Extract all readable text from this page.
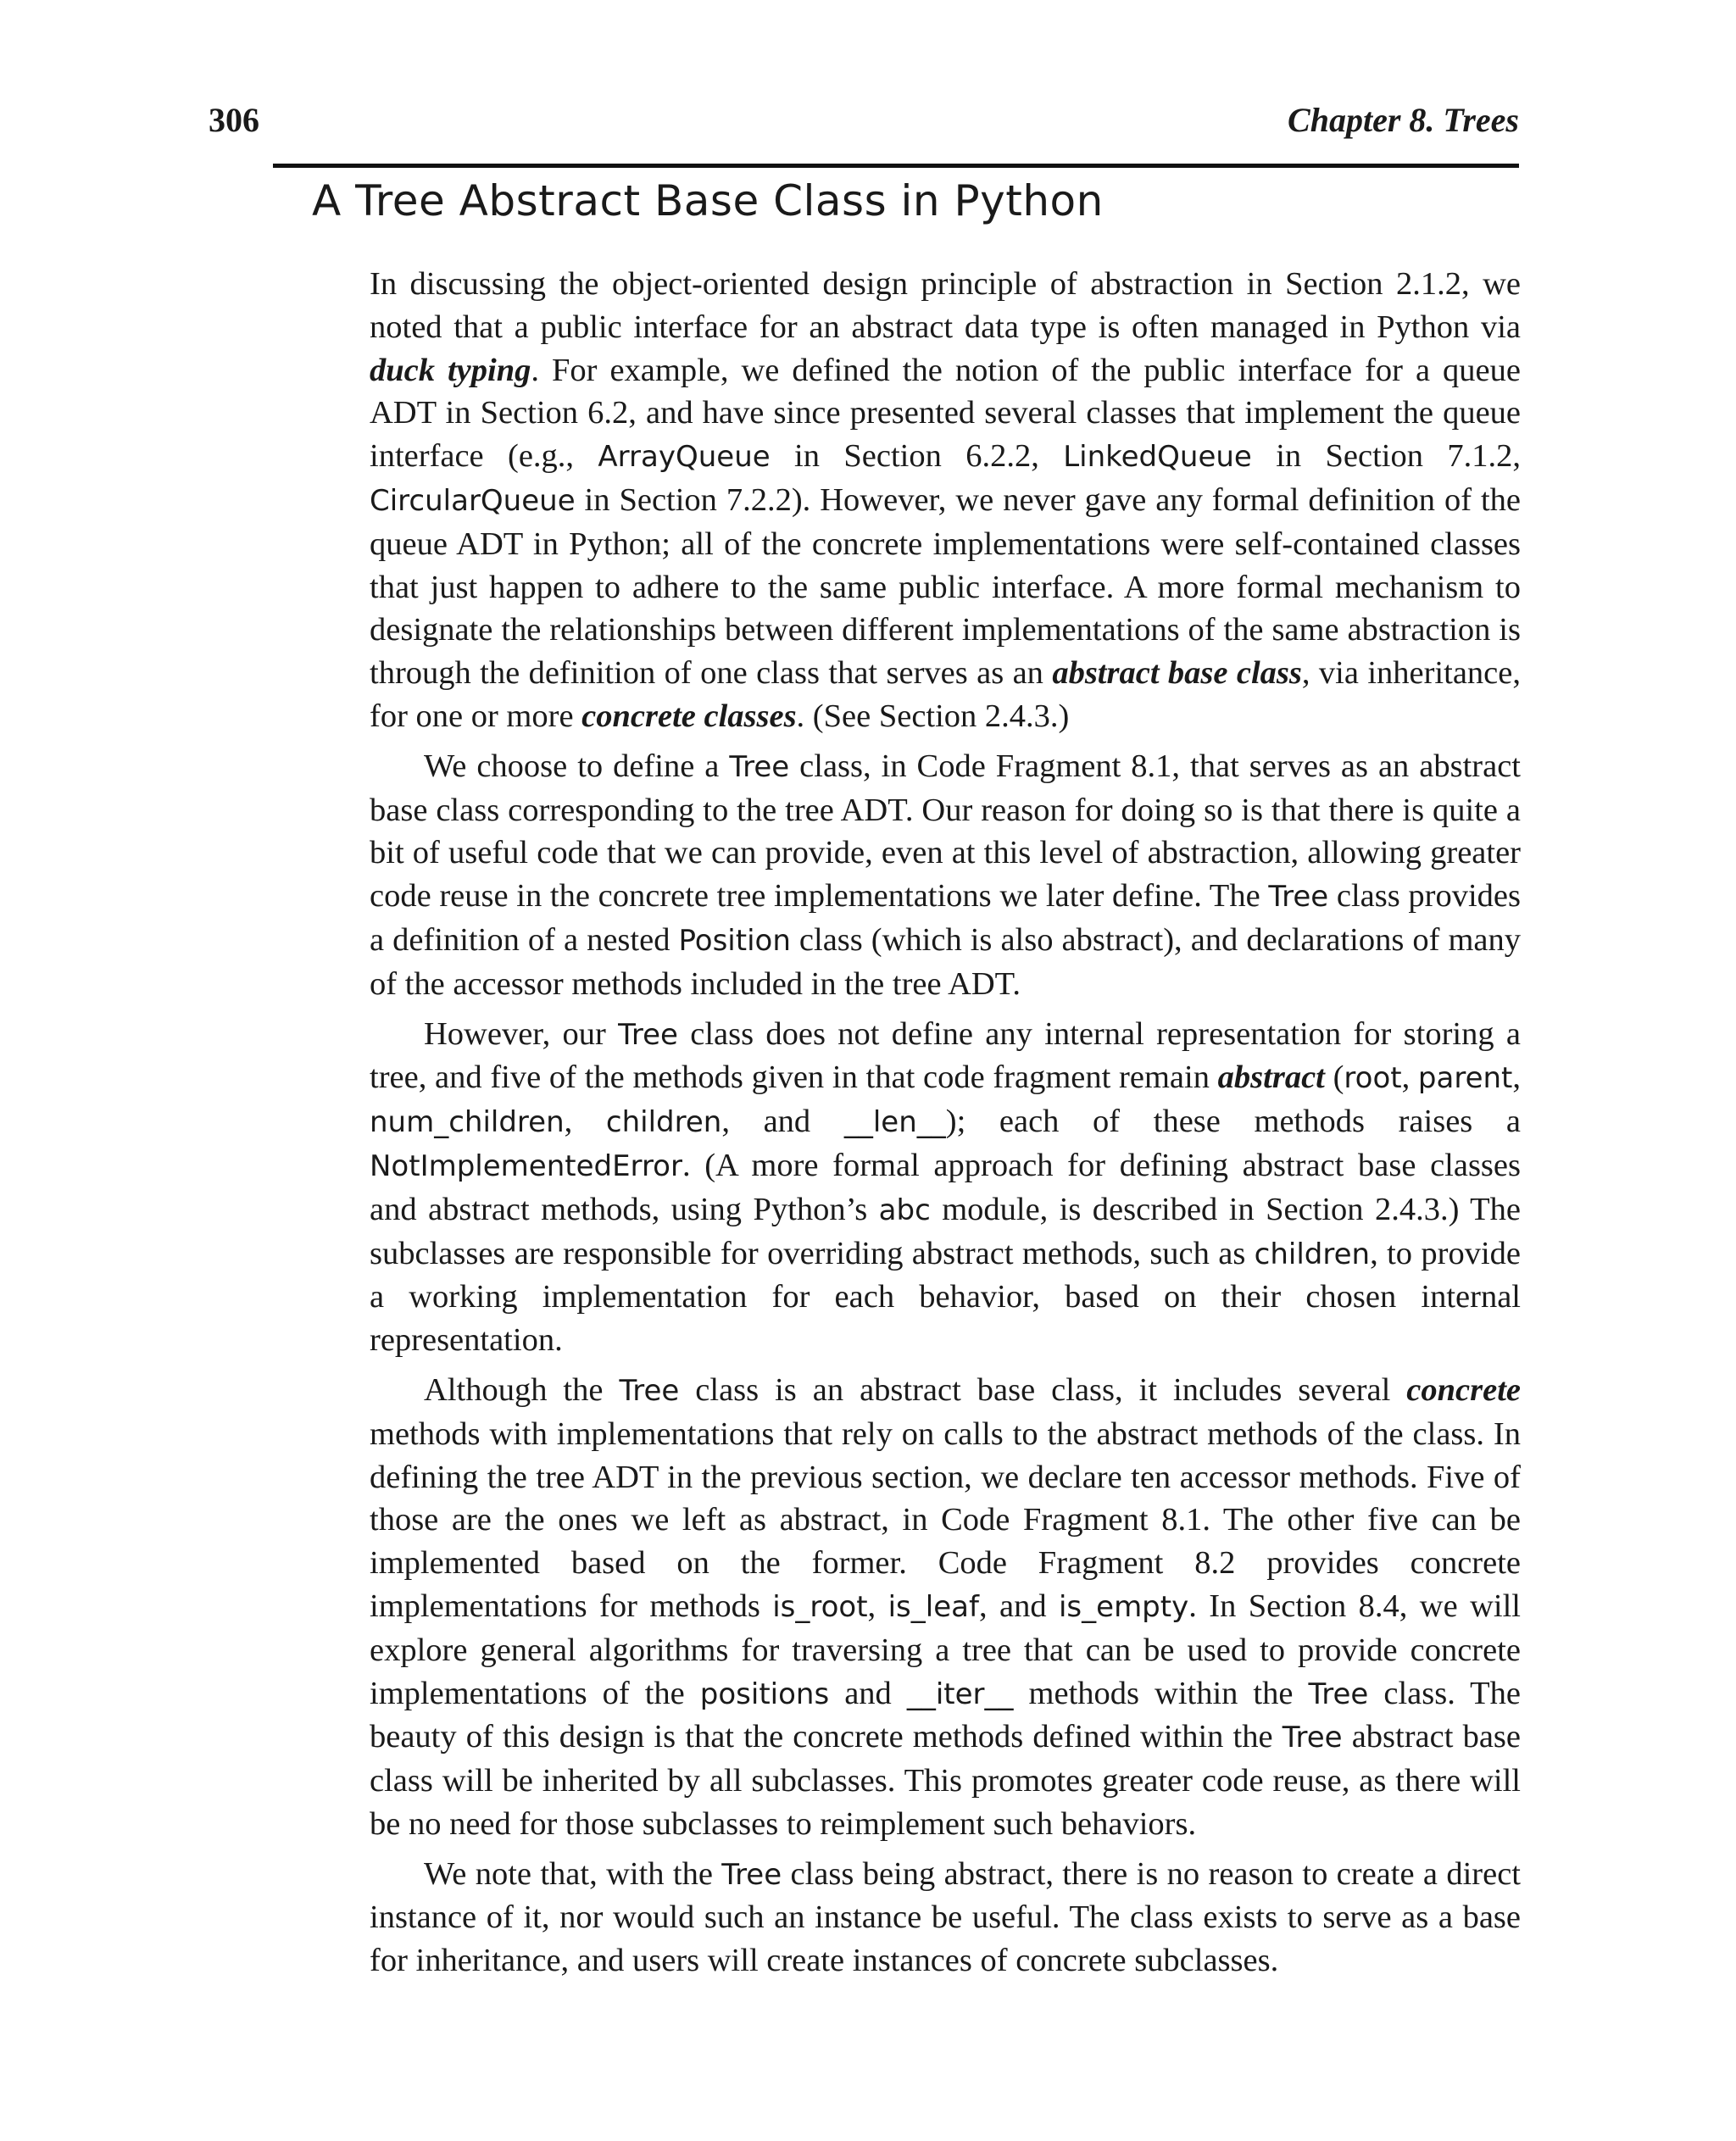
306	Chapter 8. Trees
A Tree Abstract Base Class in Python

In discussing the object-oriented design principle of abstraction in Section 2.1.2, we noted that a public interface for an abstract data type is often managed in Python via duck typing. For example, we defined the notion of the public interface for a queue ADT in Section 6.2, and have since presented several classes that implement the queue interface (e.g., ArrayQueue in Section 6.2.2, LinkedQueue in Section 7.1.2, CircularQueue in Section 7.2.2). However, we never gave any formal definition of the queue ADT in Python; all of the concrete implementations were self-contained classes that just happen to adhere to the same public interface. A more formal mechanism to designate the relationships between different implementations of the same abstraction is through the definition of one class that serves as an abstract base class, via inheritance, for one or more concrete classes. (See Section 2.4.3.)

We choose to define a Tree class, in Code Fragment 8.1, that serves as an abstract base class corresponding to the tree ADT. Our reason for doing so is that there is quite a bit of useful code that we can provide, even at this level of abstraction, allowing greater code reuse in the concrete tree implementations we later define. The Tree class provides a definition of a nested Position class (which is also abstract), and declarations of many of the accessor methods included in the tree ADT.

However, our Tree class does not define any internal representation for storing a tree, and five of the methods given in that code fragment remain abstract (root, parent, num_children, children, and __len__); each of these methods raises a NotImplementedError. (A more formal approach for defining abstract base classes and abstract methods, using Python’s abc module, is described in Section 2.4.3.) The subclasses are responsible for overriding abstract methods, such as children, to provide a working implementation for each behavior, based on their chosen internal representation.

Although the Tree class is an abstract base class, it includes several concrete methods with implementations that rely on calls to the abstract methods of the class. In defining the tree ADT in the previous section, we declare ten accessor methods. Five of those are the ones we left as abstract, in Code Fragment 8.1. The other five can be implemented based on the former. Code Fragment 8.2 provides concrete implementations for methods is_root, is_leaf, and is_empty. In Section 8.4, we will explore general algorithms for traversing a tree that can be used to provide concrete implementations of the positions and __iter__ methods within the Tree class. The beauty of this design is that the concrete methods defined within the Tree abstract base class will be inherited by all subclasses. This promotes greater code reuse, as there will be no need for those subclasses to reimplement such behaviors.

We note that, with the Tree class being abstract, there is no reason to create a direct instance of it, nor would such an instance be useful. The class exists to serve as a base for inheritance, and users will create instances of concrete subclasses.
